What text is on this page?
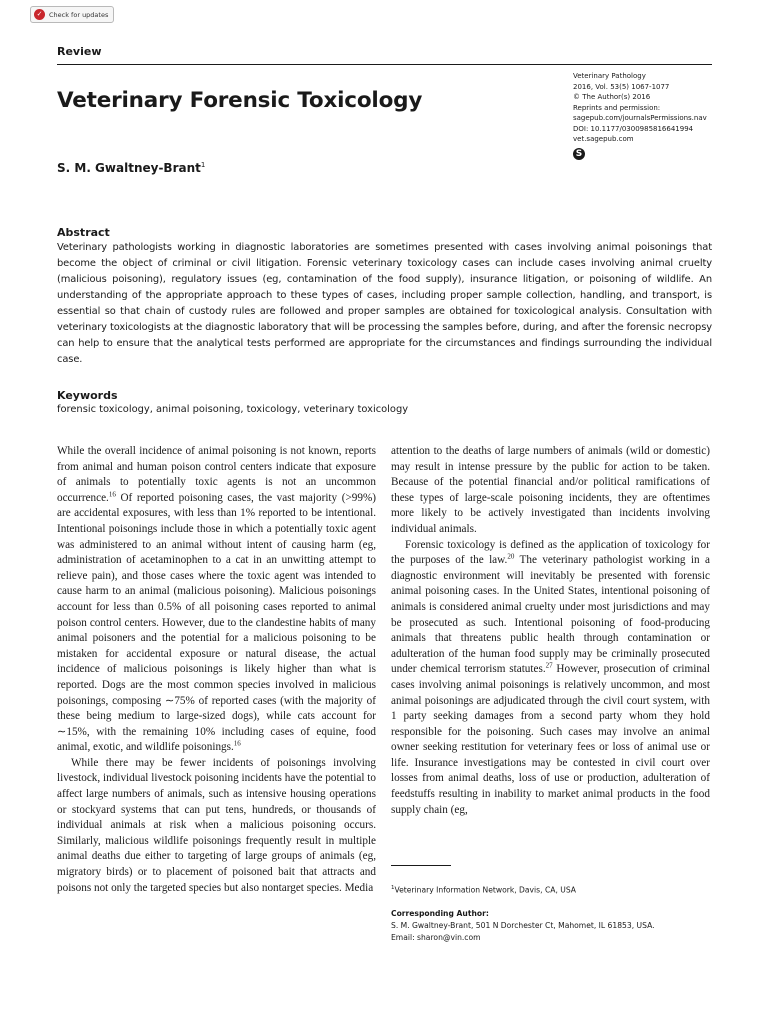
✓	Check for updates
Review
Veterinary Forensic Toxicology
S. M. Gwaltney-Brant$^1$
Veterinary Pathology
2016, Vol. 53(5) 1067-1077
© The Author(s) 2016
Reprints and permission:
sagepub.com/journalsPermissions.nav
DOI: 10.1177/0300985816641994
vet.sagepub.com
S
Abstract
Veterinary pathologists working in diagnostic laboratories are sometimes presented with cases involving animal poisonings that become the object of criminal or civil litigation. Forensic veterinary toxicology cases can include cases involving animal cruelty (malicious poisoning), regulatory issues (eg, contamination of the food supply), insurance litigation, or poisoning of wildlife. An understanding of the appropriate approach to these types of cases, including proper sample collection, handling, and transport, is essential so that chain of custody rules are followed and proper samples are obtained for toxicological analysis. Consultation with veterinary toxicologists at the diagnostic laboratory that will be processing the samples before, during, and after the forensic necropsy can help to ensure that the analytical tests performed are appropriate for the circumstances and findings surrounding the individual case.
Keywords
forensic toxicology, animal poisoning, toxicology, veterinary toxicology

While the overall incidence of animal poisoning is not known, reports from animal and human poison control centers indicate that exposure of animals to potentially toxic agents is not an uncommon occurrence.$^{16}$ Of reported poisoning cases, the vast majority (>99%) are accidental exposures, with less than 1% reported to be intentional. Intentional poisonings include those in which a potentially toxic agent was administered to an animal without intent of causing harm (eg, administration of acetaminophen to a cat in an unwitting attempt to relieve pain), and those cases where the toxic agent was intended to cause harm to an animal (malicious poisoning). Malicious poisonings account for less than 0.5% of all poisoning cases reported to animal poison control centers. However, due to the clandestine habits of many animal poisoners and the potential for a malicious poisoning to be mistaken for accidental exposure or natural disease, the actual incidence of malicious poisonings is likely higher than what is reported. Dogs are the most common species involved in malicious poisonings, composing ∼75% of reported cases (with the majority of these being medium to large-sized dogs), while cats account for ∼15%, with the remaining 10% including cases of equine, food animal, exotic, and wildlife poisonings.$^{16}$

While there may be fewer incidents of poisonings involving livestock, individual livestock poisoning incidents have the potential to affect large numbers of animals, such as intensive housing operations or stockyard systems that can put tens, hundreds, or thousands of individual animals at risk when a malicious poisoning occurs. Similarly, malicious wildlife poisonings frequently result in multiple animal deaths due either to targeting of large groups of animals (eg, migratory birds) or to placement of poisoned bait that attracts and poisons not only the targeted species but also nontarget species. Media

attention to the deaths of large numbers of animals (wild or domestic) may result in intense pressure by the public for action to be taken. Because of the potential financial and/or political ramifications of these types of large-scale poisoning incidents, they are oftentimes more likely to be actively investigated than incidents involving individual animals.

Forensic toxicology is defined as the application of toxicology for the purposes of the law.$^{20}$ The veterinary pathologist working in a diagnostic environment will inevitably be presented with forensic animal poisoning cases. In the United States, intentional poisoning of animals is considered animal cruelty under most jurisdictions and may be prosecuted as such. Intentional poisoning of food-producing animals that threatens public health through contamination or adulteration of the human food supply may be criminally prosecuted under chemical terrorism statutes.$^{27}$ However, prosecution of criminal cases involving animal poisonings is relatively uncommon, and most animal poisonings are adjudicated through the civil court system, with 1 party seeking damages from a second party whom they hold responsible for the poisoning. Such cases may involve an animal owner seeking restitution for veterinary fees or loss of animal use or life. Insurance investigations may be contested in civil court over losses from animal deaths, loss of use or production, adulteration of feedstuffs resulting in inability to market animal products in the food supply chain (eg,

$^1$Veterinary Information Network, Davis, CA, USA
Corresponding Author:
S. M. Gwaltney-Brant, 501 N Dorchester Ct, Mahomet, IL 61853, USA.
Email: sharon@vin.com
